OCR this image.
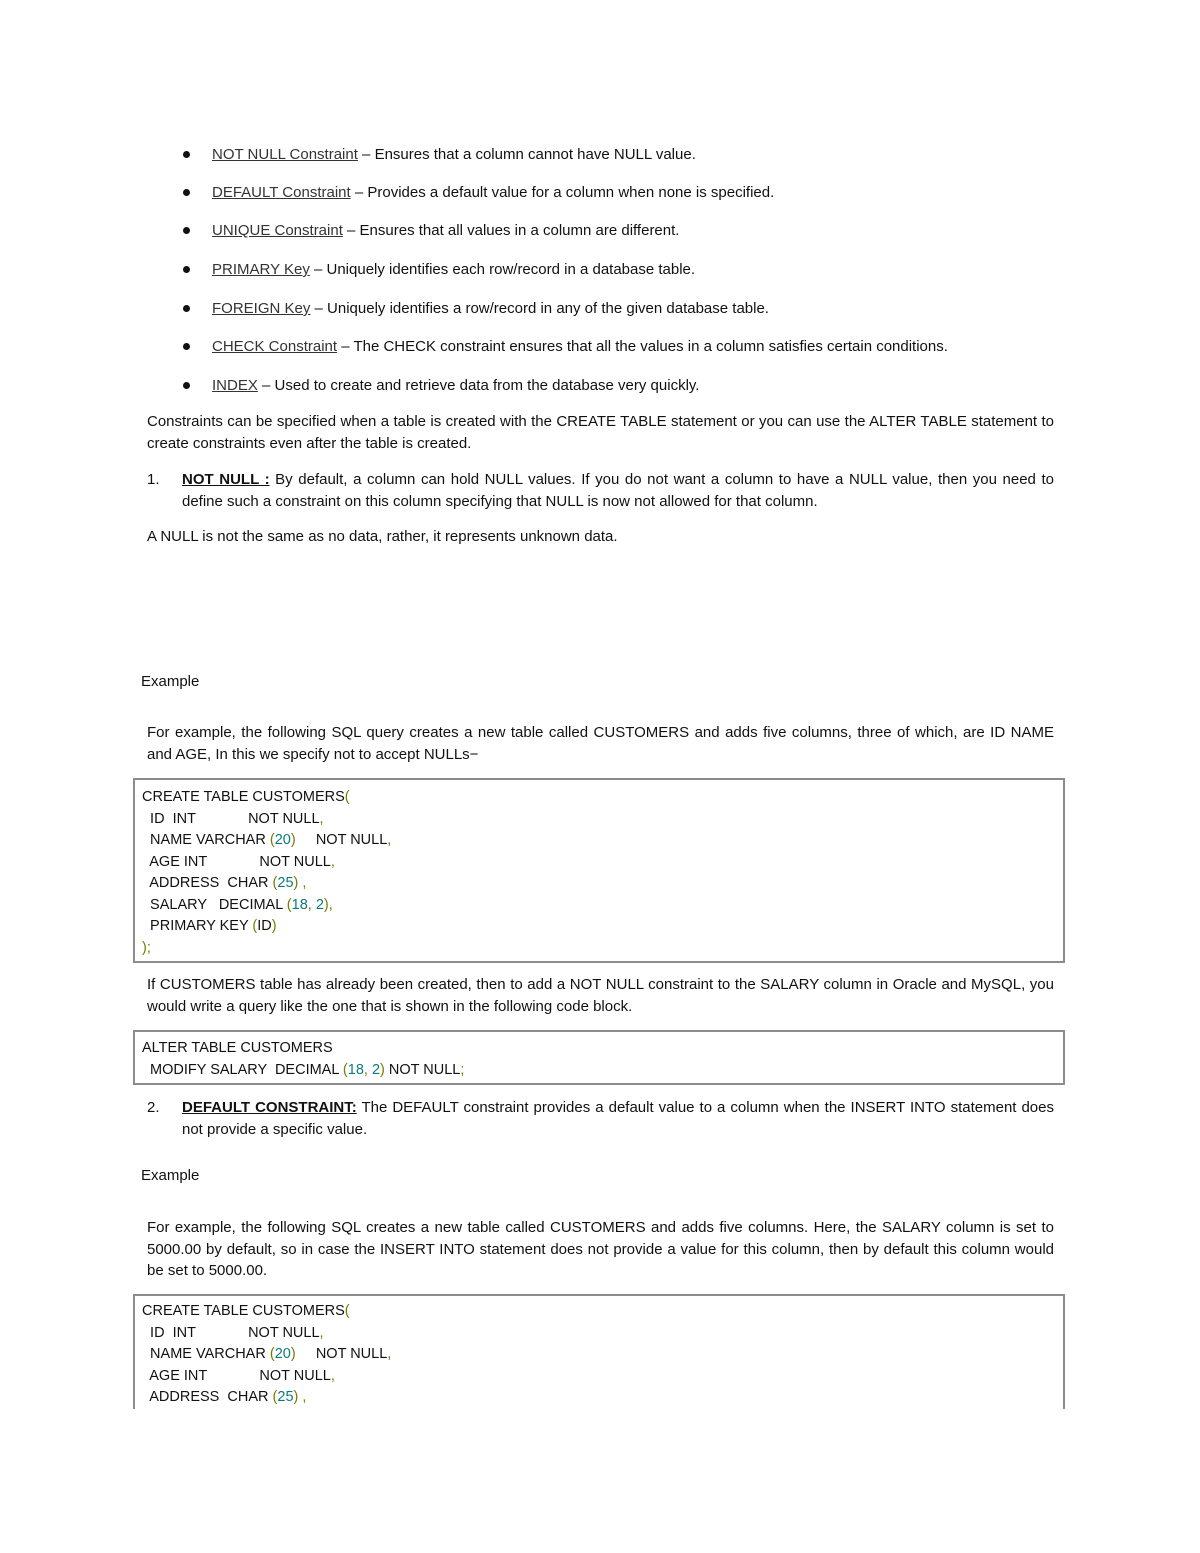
NOT NULL Constraint – Ensures that a column cannot have NULL value.
DEFAULT Constraint – Provides a default value for a column when none is specified.
UNIQUE Constraint – Ensures that all values in a column are different.
PRIMARY Key – Uniquely identifies each row/record in a database table.
FOREIGN Key – Uniquely identifies a row/record in any of the given database table.
CHECK Constraint – The CHECK constraint ensures that all the values in a column satisfies certain conditions.
INDEX – Used to create and retrieve data from the database very quickly.
Constraints can be specified when a table is created with the CREATE TABLE statement or you can use the ALTER TABLE statement to create constraints even after the table is created.
1. NOT NULL : By default, a column can hold NULL values. If you do not want a column to have a NULL value, then you need to define such a constraint on this column specifying that NULL is now not allowed for that column.
A NULL is not the same as no data, rather, it represents unknown data.
Example
For example, the following SQL query creates a new table called CUSTOMERS and adds five columns, three of which, are ID NAME and AGE, In this we specify not to accept NULLs−
CREATE TABLE CUSTOMERS(
ID  INT             NOT NULL,
NAME VARCHAR (20)     NOT NULL,
AGE INT             NOT NULL,
ADDRESS  CHAR (25) ,
SALARY   DECIMAL (18, 2),
PRIMARY KEY (ID)
);
If CUSTOMERS table has already been created, then to add a NOT NULL constraint to the SALARY column in Oracle and MySQL, you would write a query like the one that is shown in the following code block.
ALTER TABLE CUSTOMERS
MODIFY SALARY  DECIMAL (18, 2) NOT NULL;
2. DEFAULT CONSTRAINT: The DEFAULT constraint provides a default value to a column when the INSERT INTO statement does not provide a specific value.
Example
For example, the following SQL creates a new table called CUSTOMERS and adds five columns. Here, the SALARY column is set to 5000.00 by default, so in case the INSERT INTO statement does not provide a value for this column, then by default this column would be set to 5000.00.
CREATE TABLE CUSTOMERS(
ID  INT             NOT NULL,
NAME VARCHAR (20)     NOT NULL,
AGE INT             NOT NULL,
ADDRESS  CHAR (25) ,
